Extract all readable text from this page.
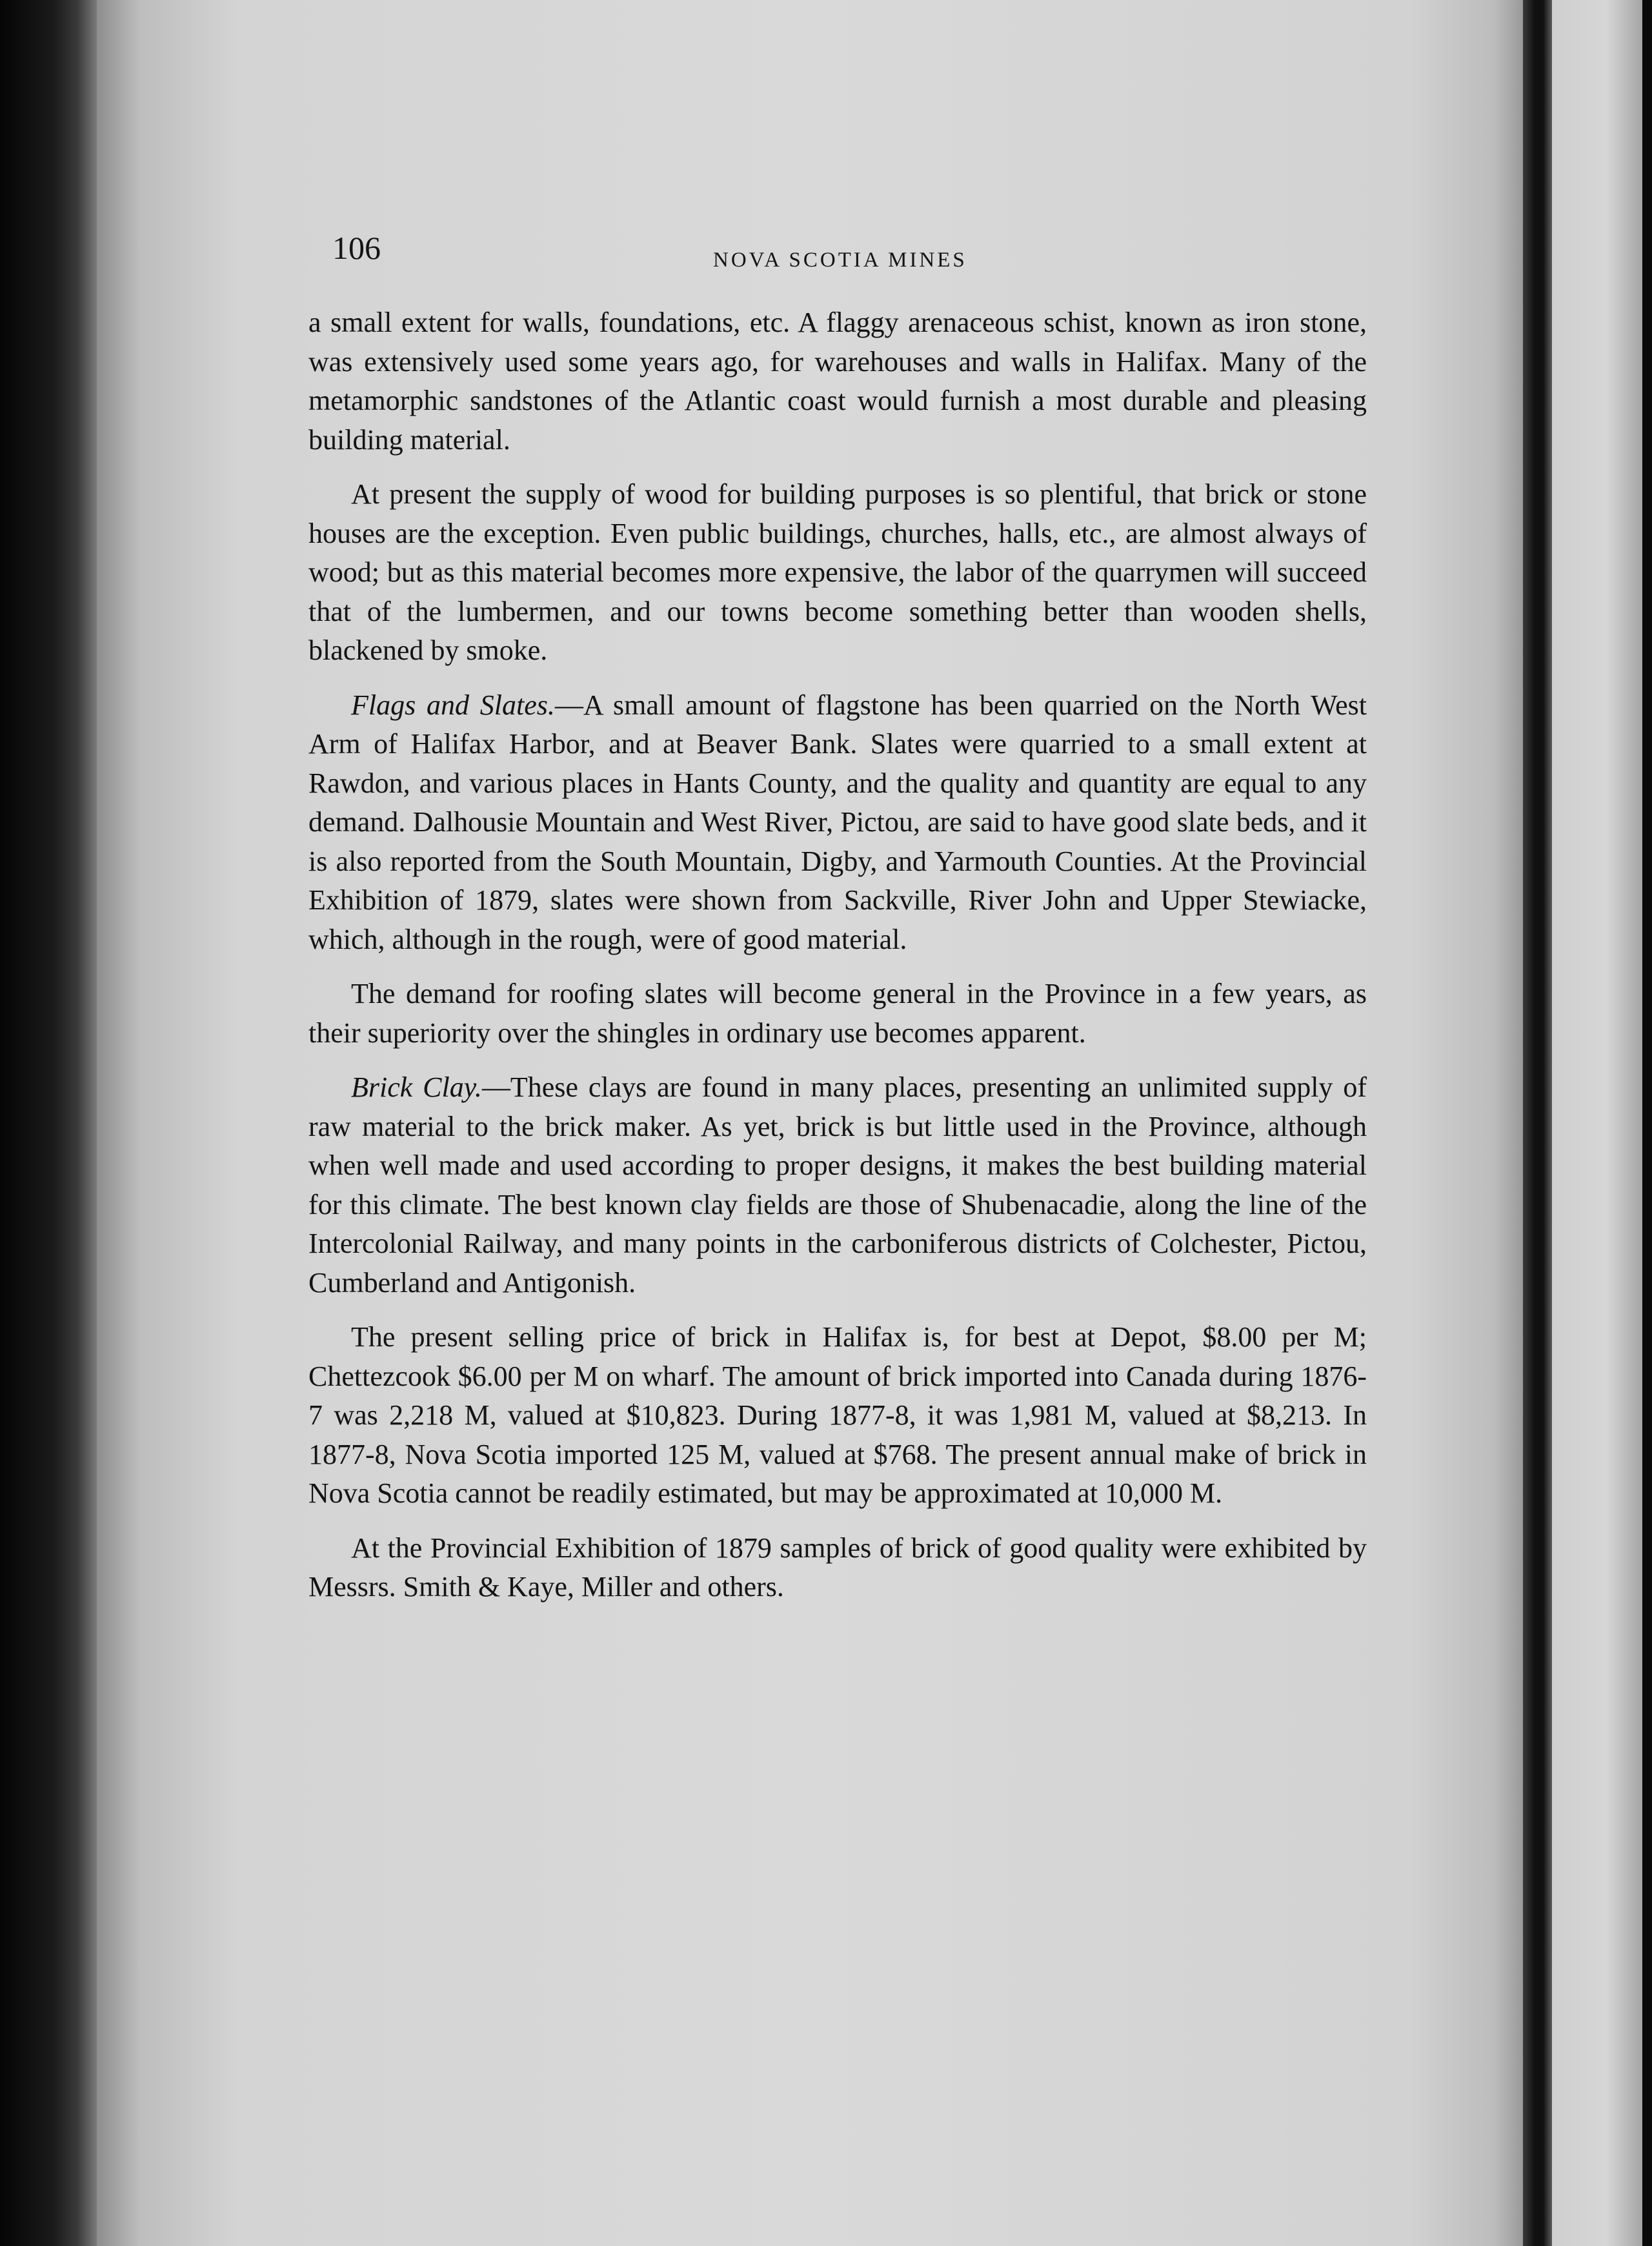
106	NOVA SCOTIA MINES

a small extent for walls, foundations, etc. A flaggy arenaceous schist, known as iron stone, was extensively used some years ago, for warehouses and walls in Halifax. Many of the metamorphic sandstones of the Atlantic coast would furnish a most durable and pleasing building material.

At present the supply of wood for building purposes is so plentiful, that brick or stone houses are the exception. Even public buildings, churches, halls, etc., are almost always of wood; but as this material becomes more expensive, the labor of the quarrymen will succeed that of the lumbermen, and our towns become something better than wooden shells, blackened by smoke.

Flags and Slates.—A small amount of flagstone has been quarried on the North West Arm of Halifax Harbor, and at Beaver Bank. Slates were quarried to a small extent at Rawdon, and various places in Hants County, and the quality and quantity are equal to any demand. Dalhousie Mountain and West River, Pictou, are said to have good slate beds, and it is also reported from the South Mountain, Digby, and Yarmouth Counties. At the Provincial Exhibition of 1879, slates were shown from Sackville, River John and Upper Stewiacke, which, although in the rough, were of good material.

The demand for roofing slates will become general in the Province in a few years, as their superiority over the shingles in ordinary use becomes apparent.

Brick Clay.—These clays are found in many places, presenting an unlimited supply of raw material to the brick maker. As yet, brick is but little used in the Province, although when well made and used according to proper designs, it makes the best building material for this climate. The best known clay fields are those of Shubenacadie, along the line of the Intercolonial Railway, and many points in the carboniferous districts of Colchester, Pictou, Cumberland and Antigonish.

The present selling price of brick in Halifax is, for best at Depot, $8.00 per M; Chettezcook $6.00 per M on wharf. The amount of brick imported into Canada during 1876-7 was 2,218 M, valued at $10,823. During 1877-8, it was 1,981 M, valued at $8,213. In 1877-8, Nova Scotia imported 125 M, valued at $768. The present annual make of brick in Nova Scotia cannot be readily estimated, but may be approximated at 10,000 M.

At the Provincial Exhibition of 1879 samples of brick of good quality were exhibited by Messrs. Smith & Kaye, Miller and others.
